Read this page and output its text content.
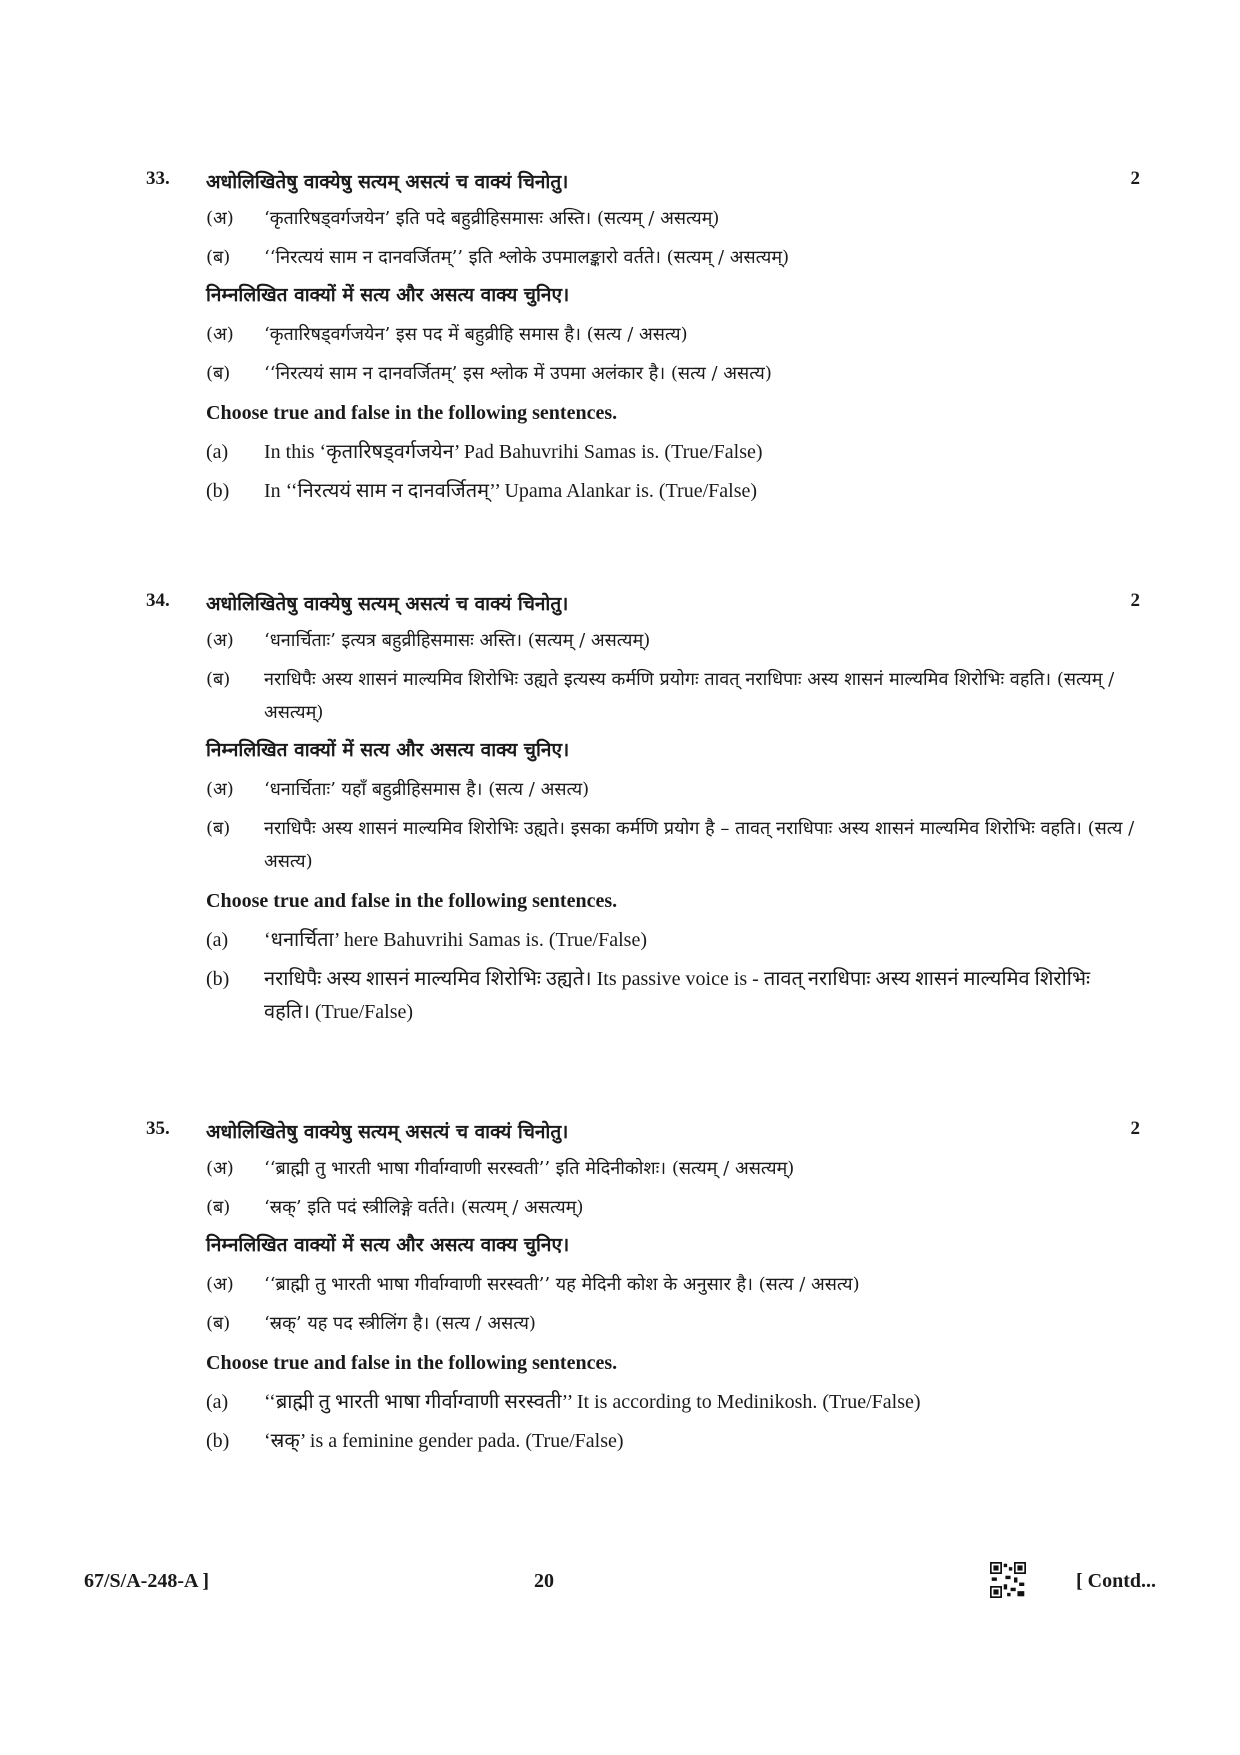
33. अधोलिखितेषु वाक्येषु सत्यम् असत्यं च वाक्यं चिनोतु।	2
(अ)	‘कृतारिषड्वर्गजयेन’ इति पदे बहुव्रीहिसमासः अस्ति। (सत्यम् / असत्यम्)
(ब)	‘‘निरत्ययं साम न दानवर्जितम्’’ इति श्लोके उपमालङ्कारो वर्तते। (सत्यम् / असत्यम्)
निम्नलिखित वाक्यों में सत्य और असत्य वाक्य चुनिए।
(अ)	‘कृतारिषड्वर्गजयेन’ इस पद में बहुव्रीहि समास है। (सत्य / असत्य)
(ब)	‘‘निरत्ययं साम न दानवर्जितम्’ इस श्लोक में उपमा अलंकार है। (सत्य / असत्य)
Choose true and false in the following sentences.
(a)	In this ‘कृतारिषड्वर्गजयेन’ Pad Bahuvrihi Samas is. (True/False)
(b)	In ‘‘निरत्ययं साम न दानवर्जितम्’’ Upama Alankar is. (True/False)
34. अधोलिखितेषु वाक्येषु सत्यम् असत्यं च वाक्यं चिनोतु।	2
(अ)	‘धनार्चिताः’ इत्यत्र बहुव्रीहिसमासः अस्ति। (सत्यम् / असत्यम्)
(ब)	नराधिपैः अस्य शासनं माल्यमिव शिरोभिः उह्यते इत्यस्य कर्मणि प्रयोगः तावत् नराधिपाः अस्य शासनं माल्यमिव शिरोभिः वहति। (सत्यम् / असत्यम्)
निम्नलिखित वाक्यों में सत्य और असत्य वाक्य चुनिए।
(अ)	‘धनार्चिताः’ यहाँ बहुव्रीहिसमास है। (सत्य / असत्य)
(ब)	नराधिपैः अस्य शासनं माल्यमिव शिरोभिः उह्यते। इसका कर्मणि प्रयोग है – तावत् नराधिपाः अस्य शासनं माल्यमिव शिरोभिः वहति। (सत्य / असत्य)
Choose true and false in the following sentences.
(a)	‘धनार्चिता’ here Bahuvrihi Samas is. (True/False)
(b)	नराधिपैः अस्य शासनं माल्यमिव शिरोभिः उह्यते। Its passive voice is - तावत् नराधिपाः अस्य शासनं माल्यमिव शिरोभिः वहति। (True/False)
35. अधोलिखितेषु वाक्येषु सत्यम् असत्यं च वाक्यं चिनोतु।	2
(अ)	‘‘ब्राह्मी तु भारती भाषा गीर्वाग्वाणी सरस्वती’’ इति मेदिनीकोशः। (सत्यम् / असत्यम्)
(ब)	‘स्रक्’ इति पदं स्त्रीलिङ्गे वर्तते। (सत्यम् / असत्यम्)
निम्नलिखित वाक्यों में सत्य और असत्य वाक्य चुनिए।
(अ)	‘‘ब्राह्मी तु भारती भाषा गीर्वाग्वाणी सरस्वती’’ यह मेदिनी कोश के अनुसार है। (सत्य / असत्य)
(ब)	‘स्रक्’ यह पद स्त्रीलिंग है। (सत्य / असत्य)
Choose true and false in the following sentences.
(a)	‘‘ब्राह्मी तु भारती भाषा गीर्वाग्वाणी सरस्वती’’ It is according to Medinikosh. (True/False)
(b)	‘स्रक्’ is a feminine gender pada. (True/False)
67/S/A-248-A ]	20	[ Contd...
